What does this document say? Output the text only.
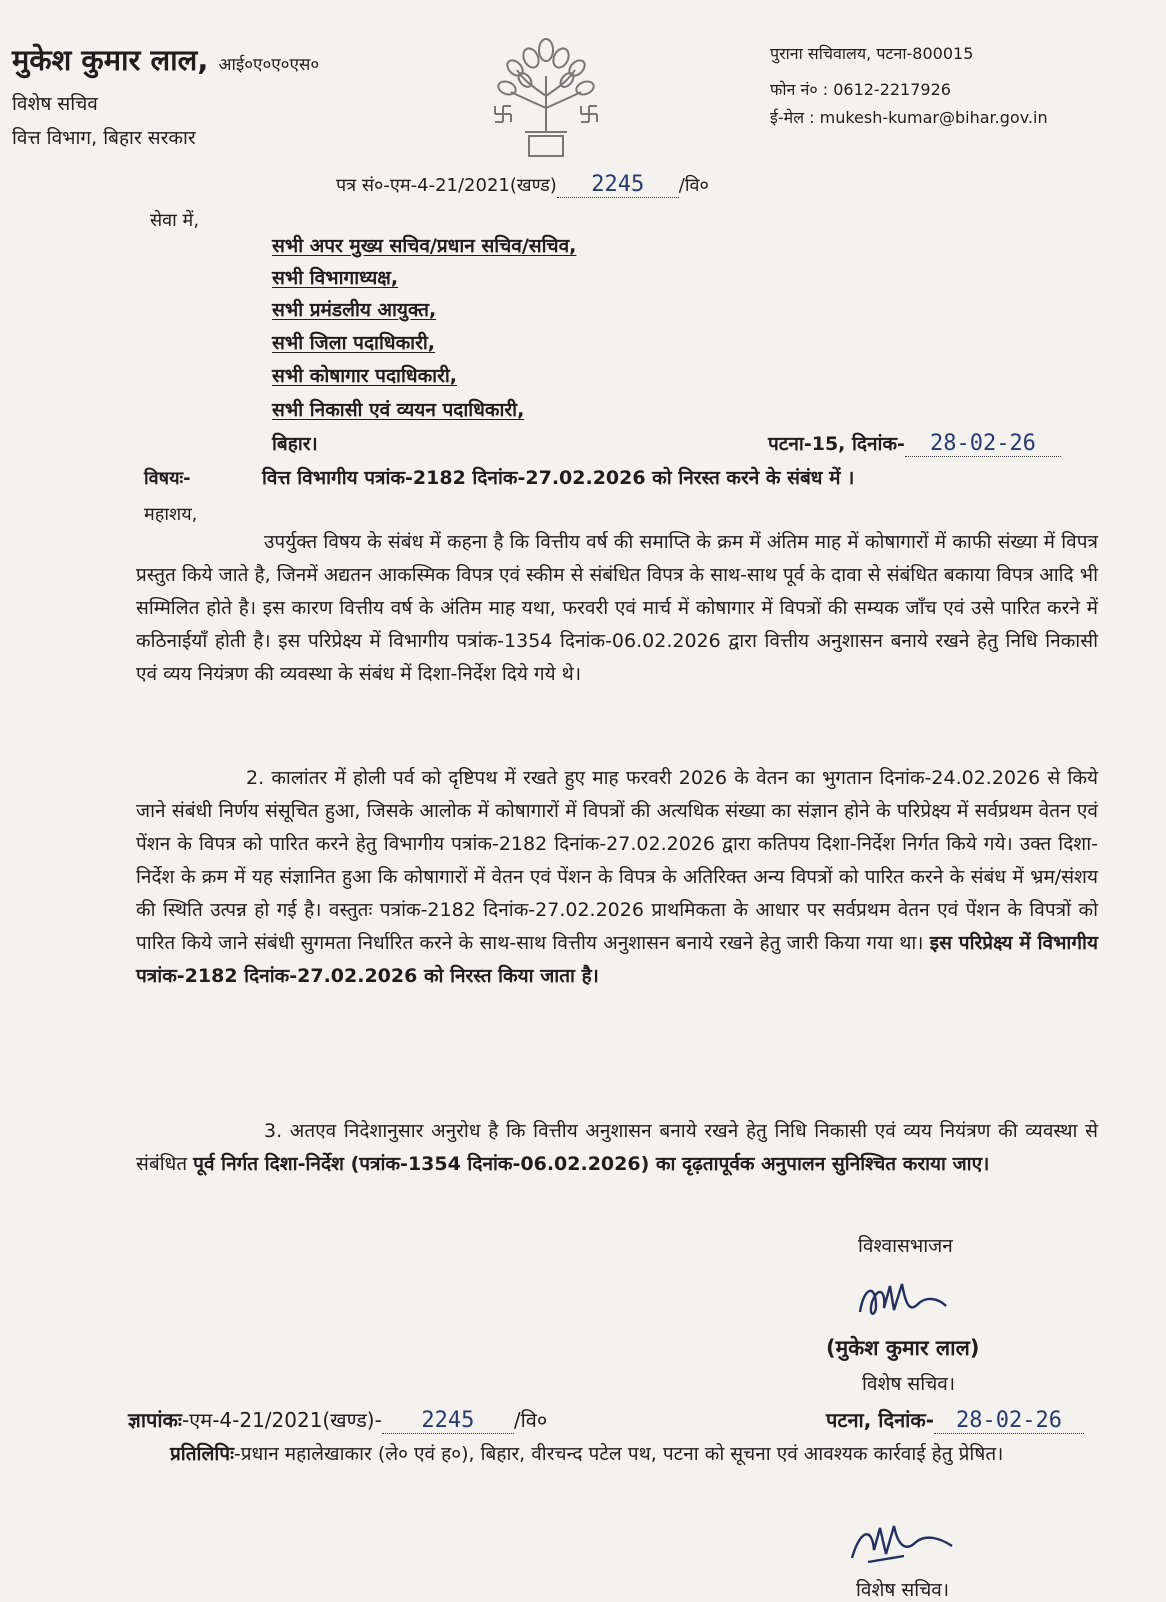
मुकेश कुमार लाल, आई०ए०ए०एस०
विशेष सचिव
वित्त विभाग, बिहार सरकार
पुराना सचिवालय, पटना-800015
फोन नं० : 0612-2217926
ई-मेल : mukesh-kumar@bihar.gov.in
पत्र सं०-एम-4-21/2021(खण्ड) 2245 /वि०
सेवा में,
सभी अपर मुख्य सचिव/प्रधान सचिव/सचिव,
सभी विभागाध्यक्ष,
सभी प्रमंडलीय आयुक्त,
सभी जिला पदाधिकारी,
सभी कोषागार पदाधिकारी,
सभी निकासी एवं व्ययन पदाधिकारी,
बिहार।	पटना-15, दिनांक- 28-02-26
विषयः-	वित्त विभागीय पत्रांक-2182 दिनांक-27.02.2026 को निरस्त करने के संबंध में ।
महाशय,
उपर्युक्त विषय के संबंध में कहना है कि वित्तीय वर्ष की समाप्ति के क्रम में अंतिम माह में कोषागारों में काफी संख्या में विपत्र प्रस्तुत किये जाते है, जिनमें अद्यतन आकस्मिक विपत्र एवं स्कीम से संबंधित विपत्र के साथ-साथ पूर्व के दावा से संबंधित बकाया विपत्र आदि भी सम्मिलित होते है। इस कारण वित्तीय वर्ष के अंतिम माह यथा, फरवरी एवं मार्च में कोषागार में विपत्रों की सम्यक जाँच एवं उसे पारित करने में कठिनाईयाँ होती है। इस परिप्रेक्ष्य में विभागीय पत्रांक-1354 दिनांक-06.02.2026 द्वारा वित्तीय अनुशासन बनाये रखने हेतु निधि निकासी एवं व्यय नियंत्रण की व्यवस्था के संबंध में दिशा-निर्देश दिये गये थे।
2. कालांतर में होली पर्व को दृष्टिपथ में रखते हुए माह फरवरी 2026 के वेतन का भुगतान दिनांक-24.02.2026 से किये जाने संबंधी निर्णय संसूचित हुआ, जिसके आलोक में कोषागारों में विपत्रों की अत्यधिक संख्या का संज्ञान होने के परिप्रेक्ष्य में सर्वप्रथम वेतन एवं पेंशन के विपत्र को पारित करने हेतु विभागीय पत्रांक-2182 दिनांक-27.02.2026 द्वारा कतिपय दिशा-निर्देश निर्गत किये गये। उक्त दिशा-निर्देश के क्रम में यह संज्ञानित हुआ कि कोषागारों में वेतन एवं पेंशन के विपत्र के अतिरिक्त अन्य विपत्रों को पारित करने के संबंध में भ्रम/संशय की स्थिति उत्पन्न हो गई है। वस्तुतः पत्रांक-2182 दिनांक-27.02.2026 प्राथमिकता के आधार पर सर्वप्रथम वेतन एवं पेंशन के विपत्रों को पारित किये जाने संबंधी सुगमता निर्धारित करने के साथ-साथ वित्तीय अनुशासन बनाये रखने हेतु जारी किया गया था। इस परिप्रेक्ष्य में विभागीय पत्रांक-2182 दिनांक-27.02.2026 को निरस्त किया जाता है।
3. अतएव निदेशानुसार अनुरोध है कि वित्तीय अनुशासन बनाये रखने हेतु निधि निकासी एवं व्यय नियंत्रण की व्यवस्था से संबंधित पूर्व निर्गत दिशा-निर्देश (पत्रांक-1354 दिनांक-06.02.2026) का दृढ़तापूर्वक अनुपालन सुनिश्चित कराया जाए।
विश्वासभाजन
(मुकेश कुमार लाल)
विशेष सचिव।
ज्ञापांकः-एम-4-21/2021(खण्ड)- 2245 /वि०	पटना, दिनांक- 28-02-26
प्रतिलिपिः-प्रधान महालेखाकार (ले० एवं ह०), बिहार, वीरचन्द पटेल पथ, पटना को सूचना एवं आवश्यक कार्रवाई हेतु प्रेषित।
विशेष सचिव।
